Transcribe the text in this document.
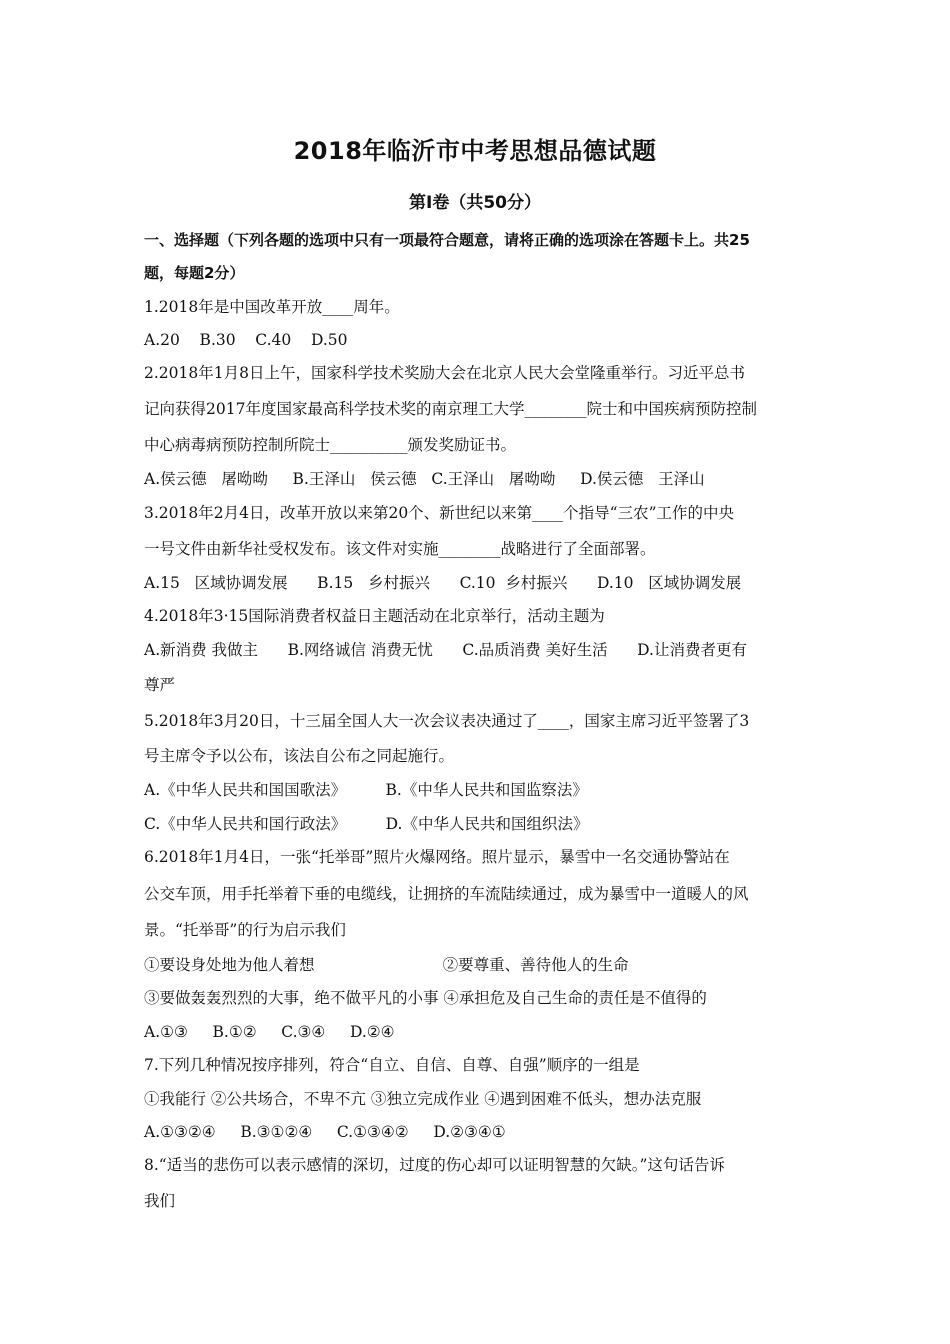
2018年临沂市中考思想品德试题
第Ⅰ卷（共50分）
一、选择题（下列各题的选项中只有一项最符合题意，请将正确的选项涂在答题卡上。共25
题，每题2分）
1.2018年是中国改革开放____周年。
A.20    B.30    C.40    D.50
2.2018年1月8日上午，国家科学技术奖励大会在北京人民大会堂隆重举行。习近平总书
记向获得2017年度国家最高科学技术奖的南京理工大学________院士和中国疾病预防控制
中心病毒病预防控制所院士__________颁发奖励证书。
A.侯云德   屠呦呦     B.王泽山   侯云德   C.王泽山   屠呦呦     D.侯云德   王泽山
3.2018年2月4日，改革开放以来第20个、新世纪以来第____个指导“三农”工作的中央
一号文件由新华社受权发布。该文件对实施________战略进行了全面部署。
A.15   区域协调发展      B.15   乡村振兴      C.10  乡村振兴      D.10   区域协调发展
4.2018年3·15国际消费者权益日主题活动在北京举行，活动主题为
A.新消费 我做主      B.网络诚信 消费无忧      C.品质消费 美好生活      D.让消费者更有
尊严
5.2018年3月20日，十三届全国人大一次会议表决通过了____，国家主席习近平签署了3
号主席令予以公布，该法自公布之同起施行。
A.《中华人民共和国国歌法》        B.《中华人民共和国监察法》
C.《中华人民共和国行政法》        D.《中华人民共和国组织法》
6.2018年1月4日，一张“托举哥”照片火爆网络。照片显示，暴雪中一名交通协警站在
公交车顶，用手托举着下垂的电缆线，让拥挤的车流陆续通过，成为暴雪中一道暖人的风
景。“托举哥”的行为启示我们
①要设身处地为他人着想                          ②要尊重、善待他人的生命
③要做轰轰烈烈的大事，绝不做平凡的小事 ④承担危及自己生命的责任是不值得的
A.①③     B.①②     C.③④     D.②④
7.下列几种情况按序排列，符合“自立、自信、自尊、自强”顺序的一组是
①我能行 ②公共场合，不卑不亢 ③独立完成作业 ④遇到困难不低头，想办法克服
A.①③②④     B.③①②④     C.①③④②     D.②③④①
8.“适当的悲伤可以表示感情的深切，过度的伤心却可以证明智慧的欠缺。”这句话告诉
我们
